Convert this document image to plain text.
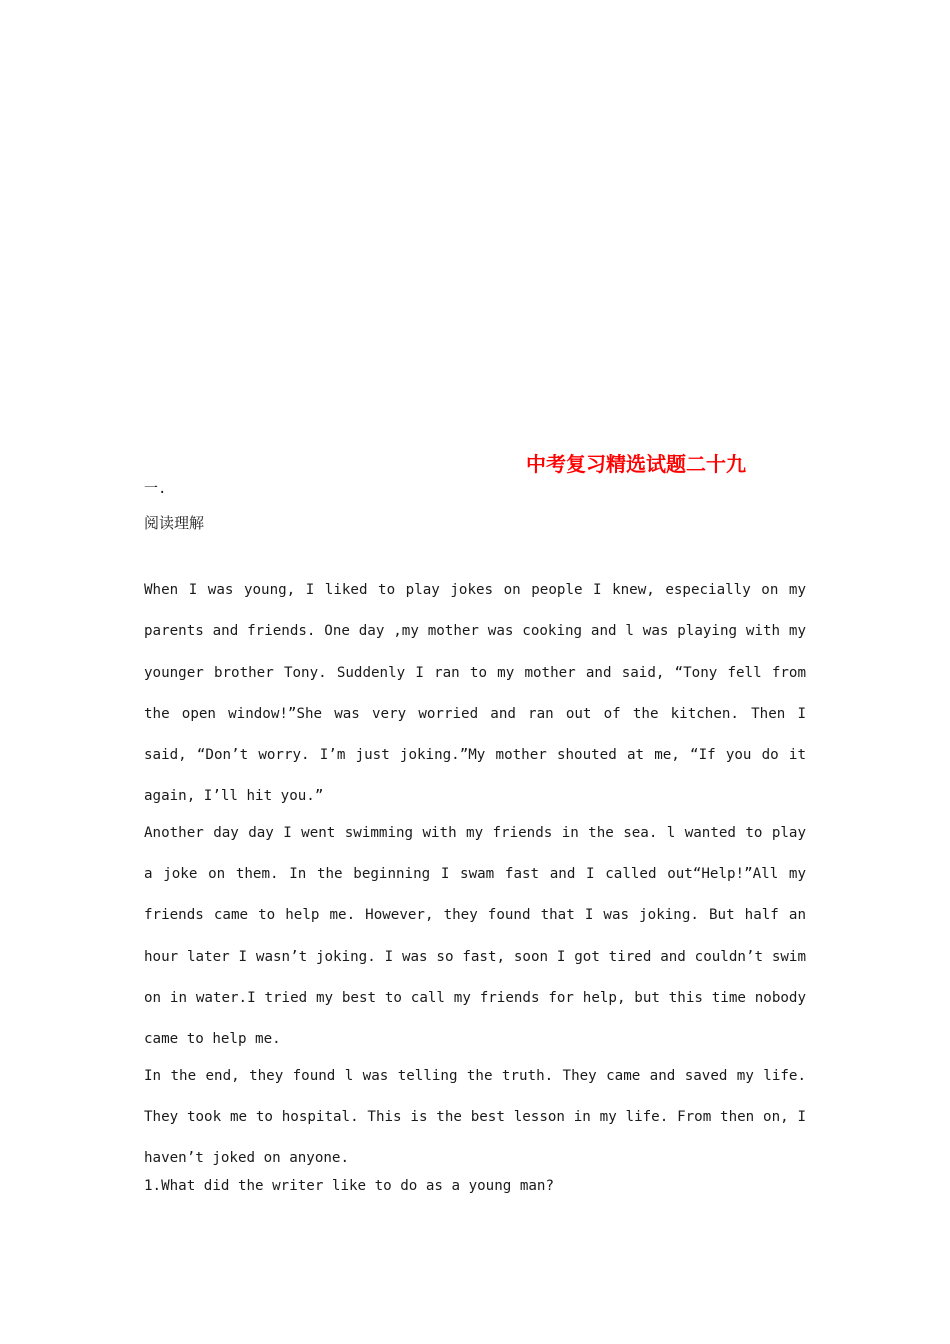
中考复习精选试题二十九
一.
阅读理解

When I was young, I liked to play jokes on people I knew, especially on my parents and friends. One day ,my mother was cooking and l was playing with my younger brother Tony. Suddenly I ran to my mother and said, “Tony fell from the open window!”She was very worried and ran out of the kitchen. Then I said, “Don’t worry. I’m just joking.”My mother shouted at me, “If you do it again, I’ll hit you.”

Another day day I went swimming with my friends in the sea. l wanted to play a joke on them. In the beginning I swam fast and I called out“Help!”All my friends came to help me. However, they found that I was joking. But half an hour later I wasn’t joking. I was so fast, soon I got tired and couldn’t swim on in water.I tried my best to call my friends for help, but this time nobody came to help me.

In the end, they found l was telling the truth. They came and saved my life. They took me to hospital. This is the best lesson in my life. From then on, I haven’t joked on anyone.

1.What did the writer like to do as a young man?
